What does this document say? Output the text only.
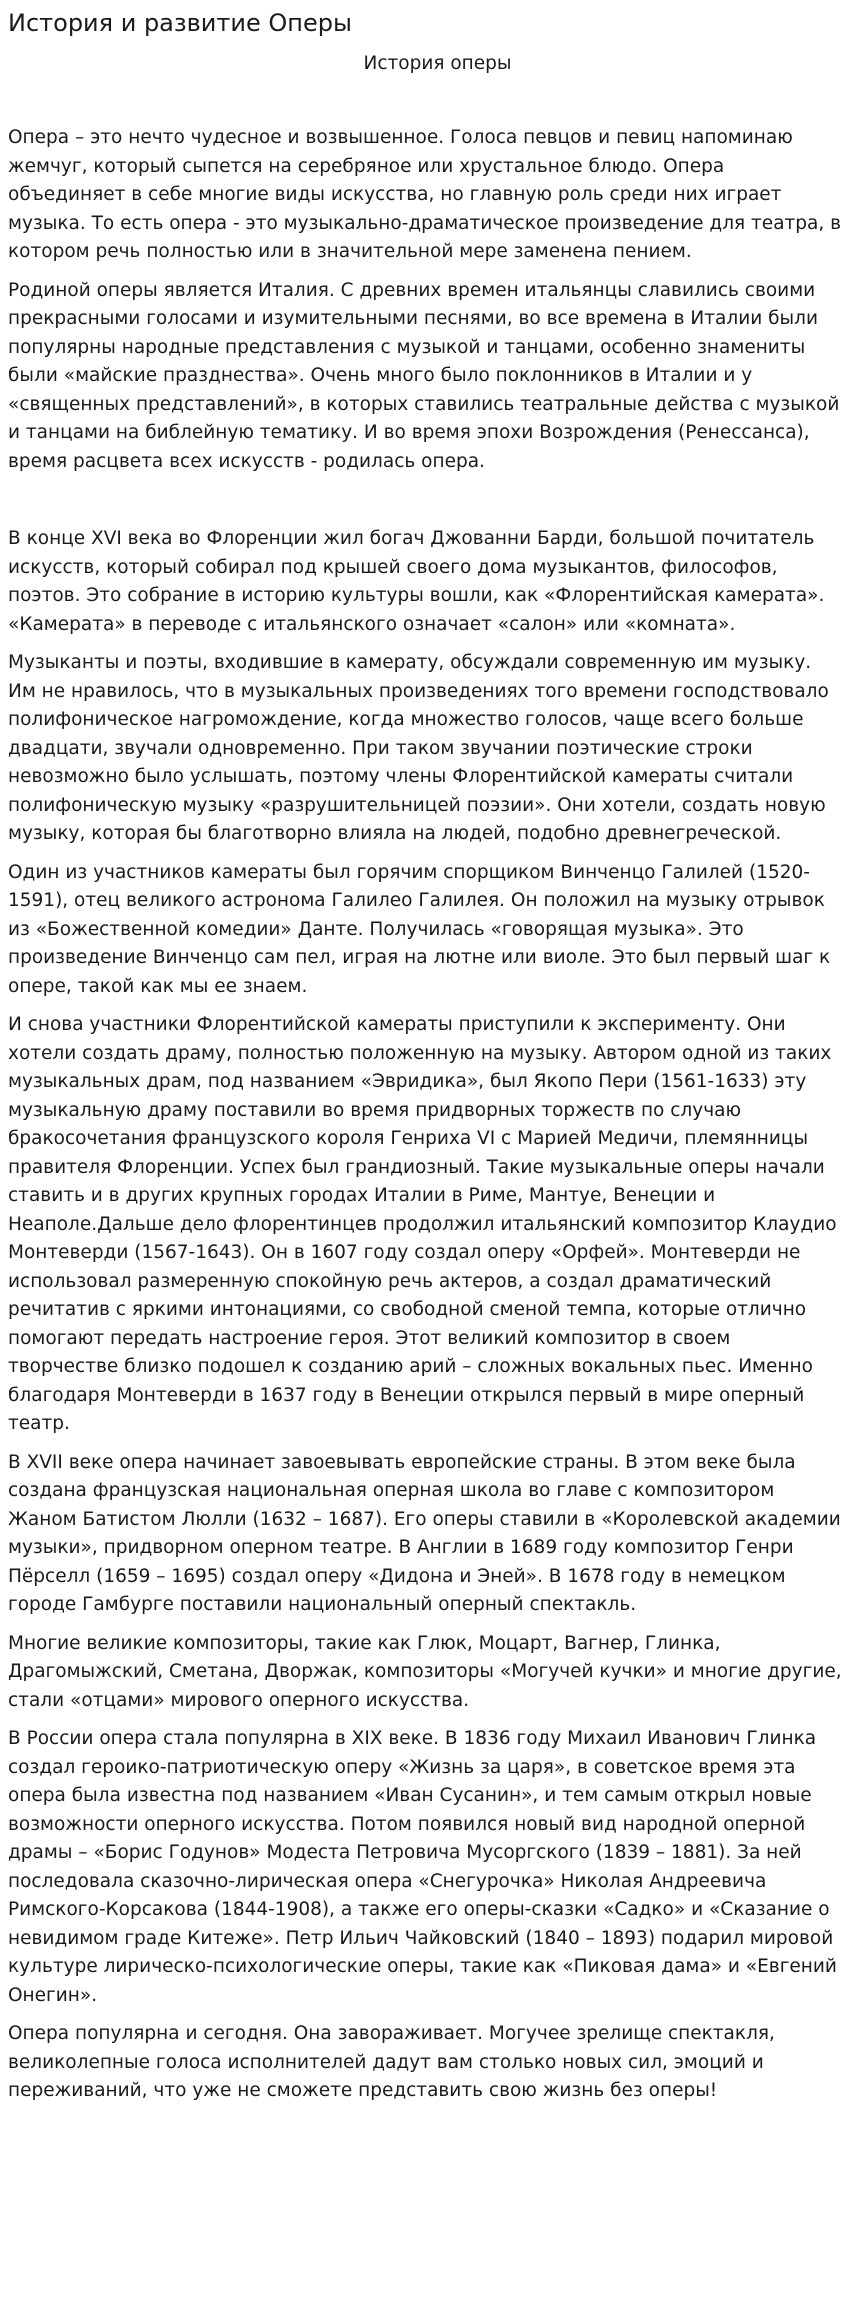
История и развитие Оперы
История оперы

Опера – это нечто чудесное и возвышенное. Голоса певцов и певиц напоминаю жемчуг, который сыпется на серебряное или хрустальное блюдо. Опера объединяет в себе многие виды искусства, но главную роль среди них играет музыка. То есть опера - это музыкально-драматическое произведение для театра, в котором речь полностью или в значительной мере заменена пением.

Родиной оперы является Италия. С древних времен итальянцы славились своими прекрасными голосами и изумительными песнями, во все времена в Италии были популярны народные представления с музыкой и танцами, особенно знамениты были «майские празднества». Очень много было поклонников в Италии и у «священных представлений», в которых ставились театральные действа с музыкой и танцами на библейную тематику. И во время эпохи Возрождения (Ренессанса), время расцвета всех искусств - родилась опера.

В конце XVI века во Флоренции жил богач Джованни Барди, большой почитатель искусств, который собирал под крышей своего дома музыкантов, философов, поэтов. Это собрание в историю культуры вошли, как «Флорентийская камерата». «Камерата» в переводе с итальянского означает «салон» или «комната».

Музыканты и поэты, входившие в камерату, обсуждали современную им музыку. Им не нравилось, что в музыкальных произведениях того времени господствовало полифоническое нагромождение, когда множество голосов, чаще всего больше двадцати, звучали одновременно. При таком звучании поэтические строки невозможно было услышать, поэтому члены Флорентийской камераты считали полифоническую музыку «разрушительницей поэзии». Они хотели, создать новую музыку, которая бы благотворно влияла на людей, подобно древнегреческой.

Один из участников камераты был горячим спорщиком Винченцо Галилей (1520-1591), отец великого астронома Галилео Галилея. Он положил на музыку отрывок из «Божественной комедии» Данте. Получилась «говорящая музыка». Это произведение Винченцо сам пел, играя на лютне или виоле. Это был первый шаг к опере, такой как мы ее знаем.

И снова участники Флорентийской камераты приступили к эксперименту. Они хотели создать драму, полностью положенную на музыку. Автором одной из таких музыкальных драм, под названием «Эвридика», был Якопо Пери (1561-1633) эту музыкальную драму поставили во время придворных торжеств по случаю бракосочетания французского короля Генриха VI с Марией Медичи, племянницы правителя Флоренции. Успех был грандиозный. Такие музыкальные оперы начали ставить и в других крупных городах Италии в Риме, Мантуе, Венеции и Неаполе.Дальше дело флорентинцев продолжил итальянский композитор Клаудио Монтеверди (1567-1643). Он в 1607 году создал оперу «Орфей». Монтеверди не использовал размеренную спокойную речь актеров, а создал драматический речитатив с яркими интонациями, со свободной сменой темпа, которые отлично помогают передать настроение героя. Этот великий композитор в своем творчестве близко подошел к созданию арий – сложных вокальных пьес. Именно благодаря Монтеверди в 1637 году в Венеции открылся первый в мире оперный театр.

В XVII веке опера начинает завоевывать европейские страны. В этом веке была создана французская национальная оперная школа во главе с композитором Жаном Батистом Люлли (1632 – 1687). Его оперы ставили в «Королевской академии музыки», придворном оперном театре. В Англии в 1689 году композитор Генри Пёрселл (1659 – 1695) создал оперу «Дидона и Эней». В 1678 году в немецком городе Гамбурге поставили национальный оперный спектакль.

Многие великие композиторы, такие как Глюк, Моцарт, Вагнер, Глинка, Драгомыжский, Сметана, Дворжак, композиторы «Могучей кучки» и многие другие, стали «отцами» мирового оперного искусства.

В России опера стала популярна в XIX веке. В 1836 году Михаил Иванович Глинка создал героико-патриотическую оперу «Жизнь за царя», в советское время эта опера была известна под названием «Иван Сусанин», и тем самым открыл новые возможности оперного искусства. Потом появился новый вид народной оперной драмы – «Борис Годунов» Модеста Петровича Мусоргского (1839 – 1881). За ней последовала сказочно-лирическая опера «Снегурочка» Николая Андреевича Римского-Корсакова (1844-1908), а также его оперы-сказки «Садко» и «Сказание о невидимом граде Китеже». Петр Ильич Чайковский (1840 – 1893) подарил мировой культуре лирическо-психологические оперы, такие как «Пиковая дама» и «Евгений Онегин».

Опера популярна и сегодня. Она завораживает. Могучее зрелище спектакля, великолепные голоса исполнителей дадут вам столько новых сил, эмоций и переживаний, что уже не сможете представить свою жизнь без оперы!
